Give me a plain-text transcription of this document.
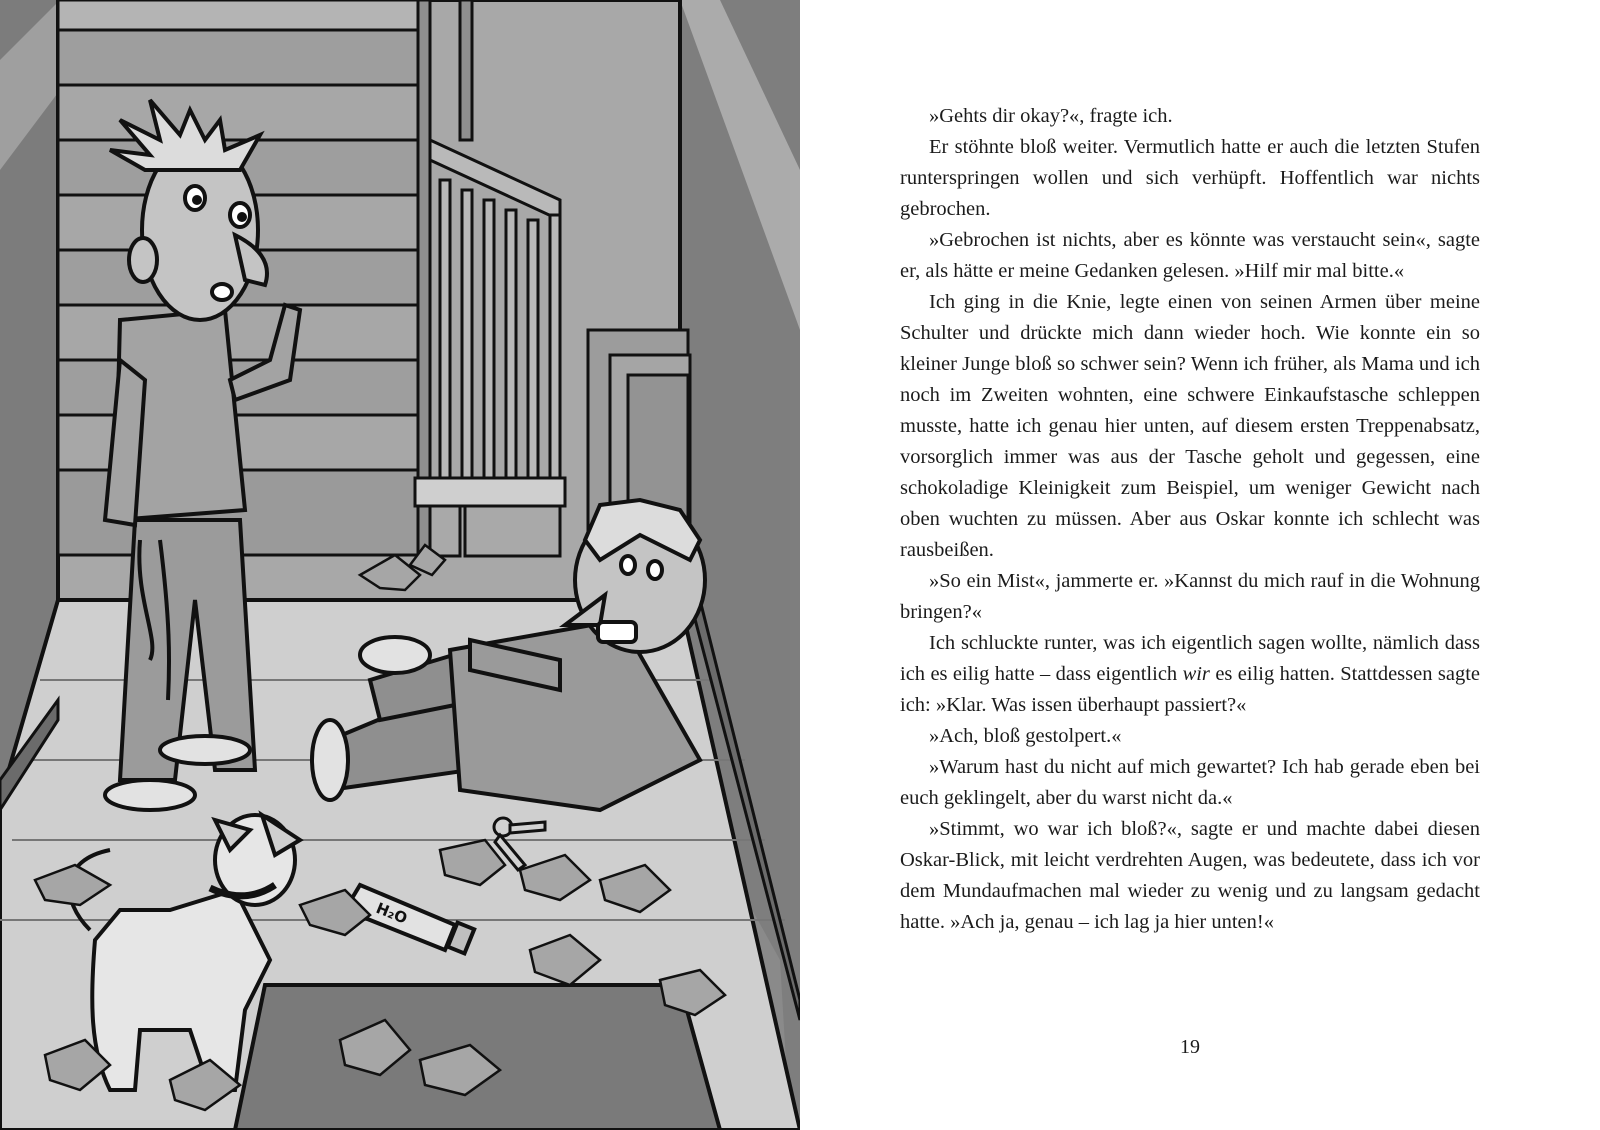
H₂O

»Gehts dir okay?«, fragte ich.

Er stöhnte bloß weiter. Vermutlich hatte er auch die letzten Stufen runterspringen wollen und sich verhüpft. Hoffentlich war nichts gebrochen.

»Gebrochen ist nichts, aber es könnte was verstaucht sein«, sagte er, als hätte er meine Gedanken gelesen. »Hilf mir mal bitte.«

Ich ging in die Knie, legte einen von seinen Armen über meine Schulter und drückte mich dann wieder hoch. Wie konnte ein so kleiner Junge bloß so schwer sein? Wenn ich früher, als Mama und ich noch im Zweiten wohnten, eine schwere Einkaufstasche schleppen musste, hatte ich genau hier unten, auf diesem ersten Treppenabsatz, vorsorglich immer was aus der Tasche geholt und gegessen, eine schokoladige Kleinigkeit zum Beispiel, um weniger Gewicht nach oben wuchten zu müssen. Aber aus Oskar konnte ich schlecht was rausbeißen.

»So ein Mist«, jammerte er. »Kannst du mich rauf in die Wohnung bringen?«

Ich schluckte runter, was ich eigentlich sagen wollte, nämlich dass ich es eilig hatte – dass eigentlich wir es eilig hatten. Stattdessen sagte ich: »Klar. Was issen überhaupt passiert?«

»Ach, bloß gestolpert.«

»Warum hast du nicht auf mich gewartet? Ich hab gerade eben bei euch geklingelt, aber du warst nicht da.«

»Stimmt, wo war ich bloß?«, sagte er und machte dabei diesen Oskar-Blick, mit leicht verdrehten Augen, was bedeutete, dass ich vor dem Mundaufmachen mal wieder zu wenig und zu langsam gedacht hatte. »Ach ja, genau – ich lag ja hier unten!«

19
